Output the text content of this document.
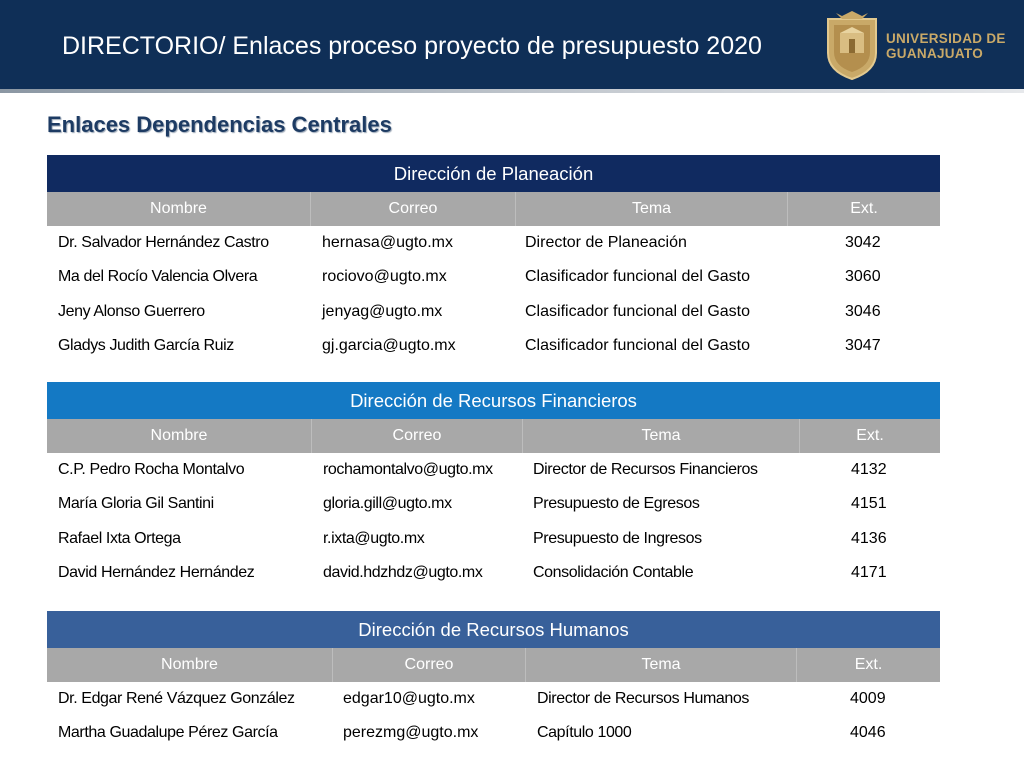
DIRECTORIO/ Enlaces proceso proyecto de presupuesto 2020	UNIVERSIDAD DE
GUANAJUATO
Enlaces Dependencias Centrales
Dirección de Planeación
Nombre	Correo	Tema	Ext.
Dr. Salvador Hernández Castro	hernasa@ugto.mx	Director de Planeación	3042
Ma del Rocío Valencia Olvera	rociovo@ugto.mx	Clasificador funcional del Gasto	3060
Jeny Alonso Guerrero	jenyag@ugto.mx	Clasificador funcional del Gasto	3046
Gladys Judith García Ruiz	gj.garcia@ugto.mx	Clasificador funcional del Gasto	3047
Dirección de Recursos Financieros
Nombre	Correo	Tema	Ext.
C.P. Pedro Rocha Montalvo	rochamontalvo@ugto.mx	Director de Recursos Financieros	4132
María Gloria Gil Santini	gloria.gill@ugto.mx	Presupuesto de Egresos	4151
Rafael Ixta Ortega	r.ixta@ugto.mx	Presupuesto de Ingresos	4136
David Hernández Hernández	david.hdzhdz@ugto.mx	Consolidación Contable	4171
Dirección de Recursos Humanos
Nombre	Correo	Tema	Ext.
Dr. Edgar René Vázquez González	edgar10@ugto.mx	Director de Recursos Humanos	4009
Martha Guadalupe Pérez García	perezmg@ugto.mx	Capítulo 1000	4046
